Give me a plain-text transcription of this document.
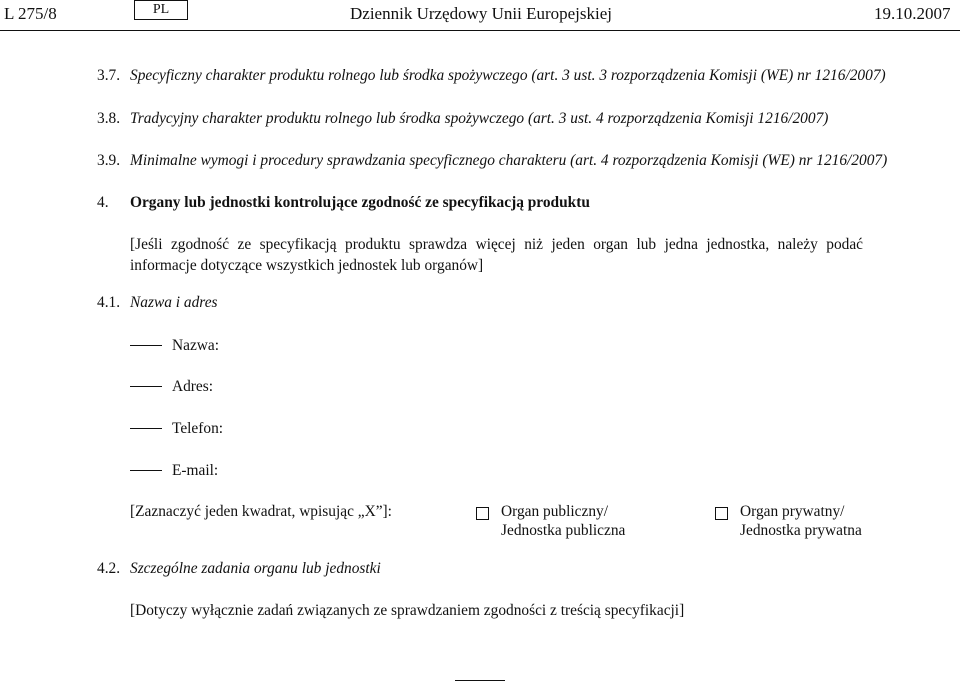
L 275/8	PL	Dziennik Urzędowy Unii Europejskiej	19.10.2007
3.7. Specyficzny charakter produktu rolnego lub środka spożywczego (art. 3 ust. 3 rozporządzenia Komisji (WE) nr 1216/2007)
3.8. Tradycyjny charakter produktu rolnego lub środka spożywczego (art. 3 ust. 4 rozporządzenia Komisji 1216/2007)
3.9. Minimalne wymogi i procedury sprawdzania specyficznego charakteru (art. 4 rozporządzenia Komisji (WE) nr 1216/2007)
4. Organy lub jednostki kontrolujące zgodność ze specyfikacją produktu
[Jeśli zgodność ze specyfikacją produktu sprawdza więcej niż jeden organ lub jedna jednostka, należy podać
informacje dotyczące wszystkich jednostek lub organów]
4.1. Nazwa i adres
Nazwa:
Adres:
Telefon:
E-mail:
[Zaznaczyć jeden kwadrat, wpisując „X”]:	Organ publiczny/
Jednostka publiczna
Organ prywatny/
Jednostka prywatna
4.2. Szczególne zadania organu lub jednostki
[Dotyczy wyłącznie zadań związanych ze sprawdzaniem zgodności z treścią specyfikacji]
